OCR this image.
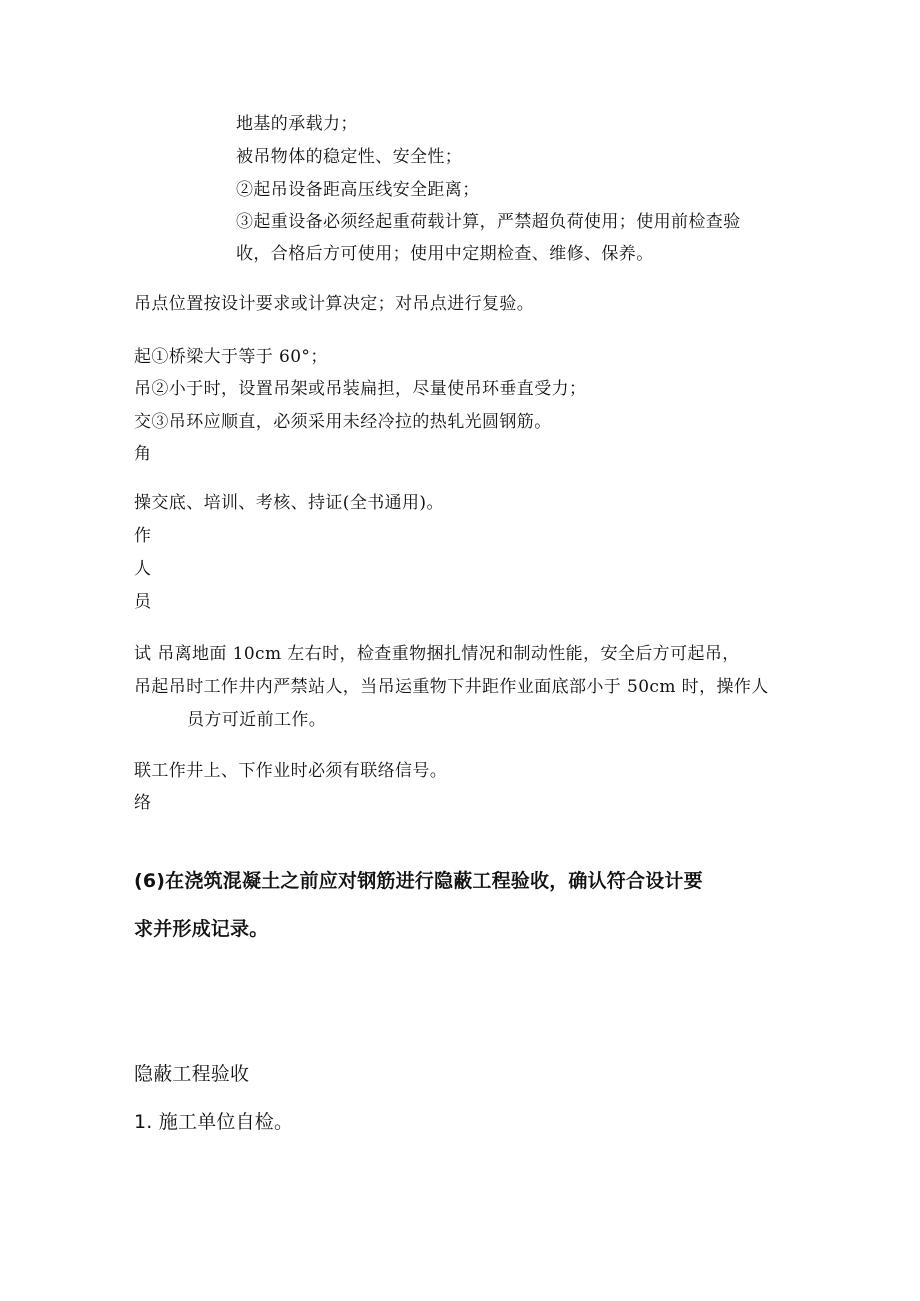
地基的承载力；
被吊物体的稳定性、安全性；
②起吊设备距高压线安全距离；
③起重设备必须经起重荷载计算，严禁超负荷使用；使用前检查验
收，合格后方可使用；使用中定期检查、维修、保养。
吊点位置按设计要求或计算决定；对吊点进行复验。
起①桥梁大于等于 60°；
吊②小于时，设置吊架或吊装扁担，尽量使吊环垂直受力；
交③吊环应顺直，必须采用未经冷拉的热轧光圆钢筋。
角
操交底、培训、考核、持证(全书通用)。
作
人
员
试 吊离地面 10cm 左右时，检查重物捆扎情况和制动性能，安全后方可起吊，
吊起吊时工作井内严禁站人，当吊运重物下井距作业面底部小于 50cm 时，操作人
员方可近前工作。
联工作井上、下作业时必须有联络信号。
络
(6)在浇筑混凝土之前应对钢筋进行隐蔽工程验收，确认符合设计要
求并形成记录。
隐蔽工程验收
1. 施工单位自检。
